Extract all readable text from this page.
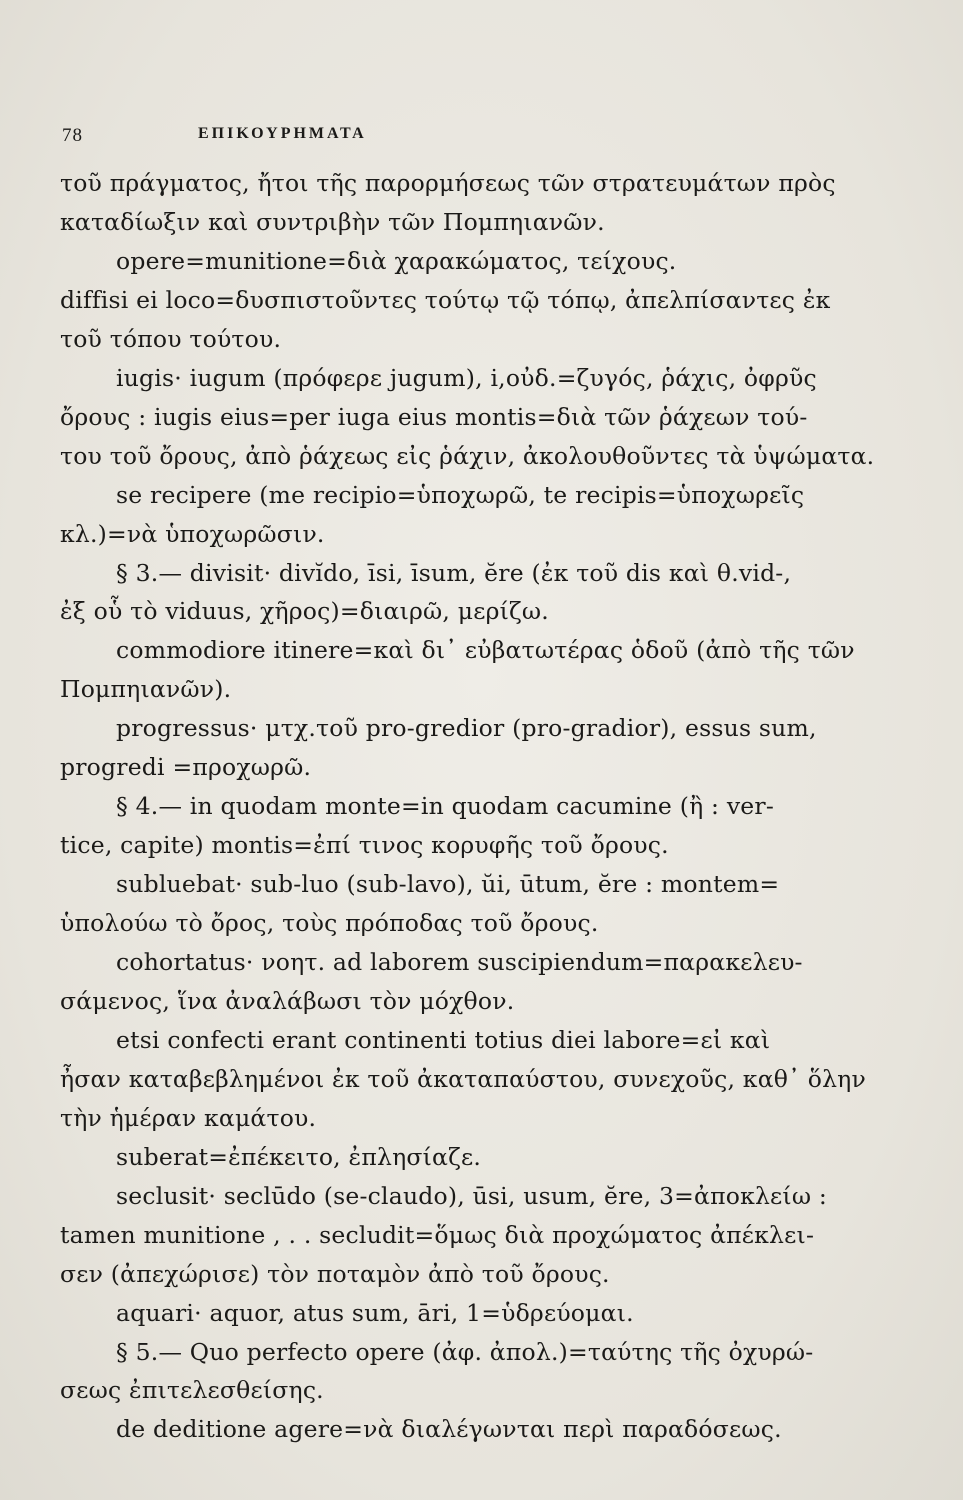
78	ΕΠΙΚΟΥΡΗΜΑΤΑ
τοῦ πράγματος, ἤτοι τῆς παρορμήσεως τῶν στρατευμάτων πρὸς
καταδίωξιν καὶ συντριβὴν τῶν Πομπηιανῶν.
opere=munitione=διὰ χαρακώματος, τείχους.
diffisi ei loco=δυσπιστοῦντες τούτῳ τῷ τόπῳ, ἀπελπίσαντες ἐκ
τοῦ τόπου τούτου.
iugis· iugum (πρόφερε jugum), i,οὐδ.=ζυγός, ῥάχις, ὀφρῦς
ὄρους : iugis eius=per iuga eius montis=διὰ τῶν ῥάχεων τού-
του τοῦ ὄρους, ἀπὸ ῥάχεως εἰς ῥάχιν, ἀκολουθοῦντες τὰ ὑψώματα.
se recipere (me recipio=ὑποχωρῶ, te recipis=ὑποχωρεῖς
κλ.)=νὰ ὑποχωρῶσιν.
§ 3.— divisit· divĭdo, īsi, īsum, ĕre (ἐκ τοῦ dis καὶ θ.vid-,
ἐξ οὗ τὸ viduus, χῆρος)=διαιρῶ, μερίζω.
commodiore itinere=καὶ δι᾽ εὐβατωτέρας ὁδοῦ (ἀπὸ τῆς τῶν
Πομπηιανῶν).
progressus· μτχ.τοῦ pro-gredior (pro-gradior), essus sum,
progredi =προχωρῶ.
§ 4.— in quodam monte=in quodam cacumine (ἢ : ver-
tice, capite) montis=ἐπί τινος κορυφῆς τοῦ ὄρους.
subluebat· sub-luo (sub-lavo), ŭi, ūtum, ĕre : montem=
ὑπολούω τὸ ὄρος, τοὺς πρόποδας τοῦ ὄρους.
cohortatus· νοητ. ad laborem suscipiendum=παρακελευ-
σάμενος, ἵνα ἀναλάβωσι τὸν μόχθον.
etsi confecti erant continenti totius diei labore=εἰ καὶ
ἦσαν καταβεβλημένοι ἐκ τοῦ ἀκαταπαύστου, συνεχοῦς, καθ᾽ ὅλην
τὴν ἡμέραν καμάτου.
suberat=ἐπέκειτο, ἐπλησίαζε.
seclusit· seclūdo (se-claudo), ūsi, usum, ĕre, 3=ἀποκλείω :
tamen munitione , . . secludit=ὅμως διὰ προχώματος ἀπέκλει-
σεν (ἀπεχώρισε) τὸν ποταμὸν ἀπὸ τοῦ ὄρους.
aquari· aquor, atus sum, āri, 1=ὑδρεύομαι.
§ 5.— Quo perfecto opere (ἀφ. ἀπολ.)=ταύτης τῆς ὀχυρώ-
σεως ἐπιτελεσθείσης.
de deditione agere=νὰ διαλέγωνται περὶ παραδόσεως.
